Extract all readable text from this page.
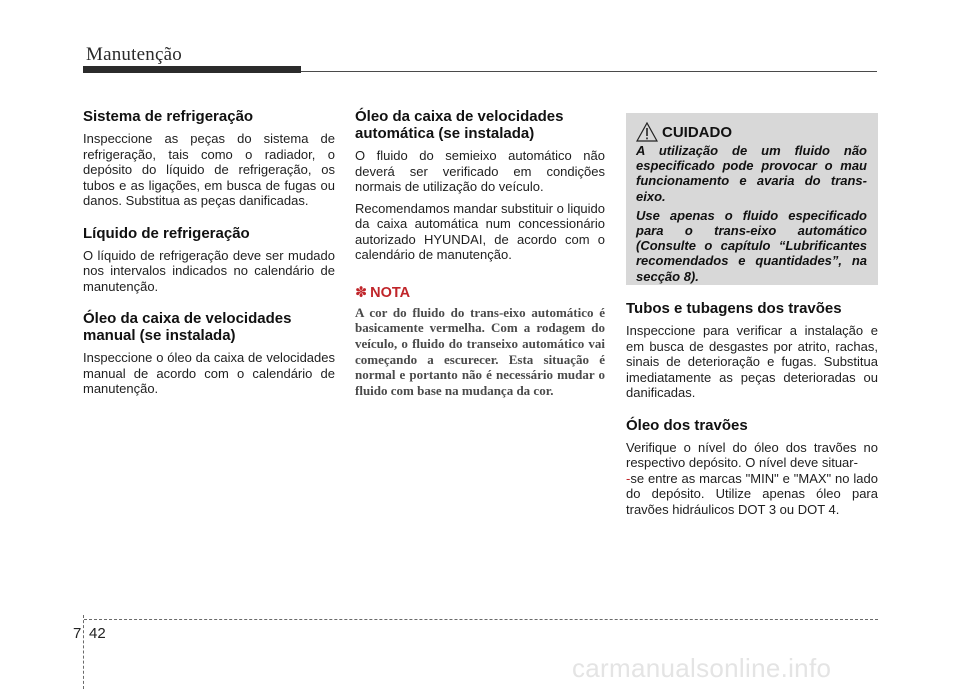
Manutenção
Sistema de refrigeração

Inspeccione as peças do sistema de refrigeração, tais como o radiador, o depósito do líquido de refrigeração, os tubos e as ligações, em busca de fugas ou danos. Substitua as peças danificadas.

Líquido de refrigeração

O líquido de refrigeração deve ser mudado nos intervalos indicados no calendário de manutenção.

Óleo da caixa de velocidades manual (se instalada)

Inspeccione o óleo da caixa de velocidades manual de acordo com o calendário de manutenção.

Óleo da caixa de velocidades automática (se instalada)

O fluido do semieixo automático não deverá ser verificado em condições normais de utilização do veículo.

Recomendamos mandar substituir o liquido da caixa automática num concessionário autorizado HYUNDAI, de acordo com o calendário de manutenção.

✽ NOTA

A cor do fluido do trans-eixo automático é basicamente vermelha. Com a rodagem do veículo, o fluido do transeixo automático vai começando a escurecer. Esta situação é normal e portanto não é necessário mudar o fluido com base na mudança da cor.

CUIDADO

A utilização de um fluido não especificado pode provocar o mau funcionamento e avaria do trans-eixo.

Use apenas o fluido especificado para o trans-eixo automático (Consulte o capítulo “Lubrificantes recomendados e quantidades”, na secção 8).

Tubos e tubagens dos travões

Inspeccione para verificar a instalação e em busca de desgastes por atrito, rachas, sinais de deterioração e fugas. Substitua imediatamente as peças deterioradas ou danificadas.

Óleo dos travões

Verifique o nível do óleo dos travões no respectivo depósito. O nível deve situar-
-se entre as marcas "MIN" e "MAX" no lado do depósito. Utilize apenas óleo para travões hidráulicos DOT 3 ou DOT 4.

7 42
carmanualsonline.info
